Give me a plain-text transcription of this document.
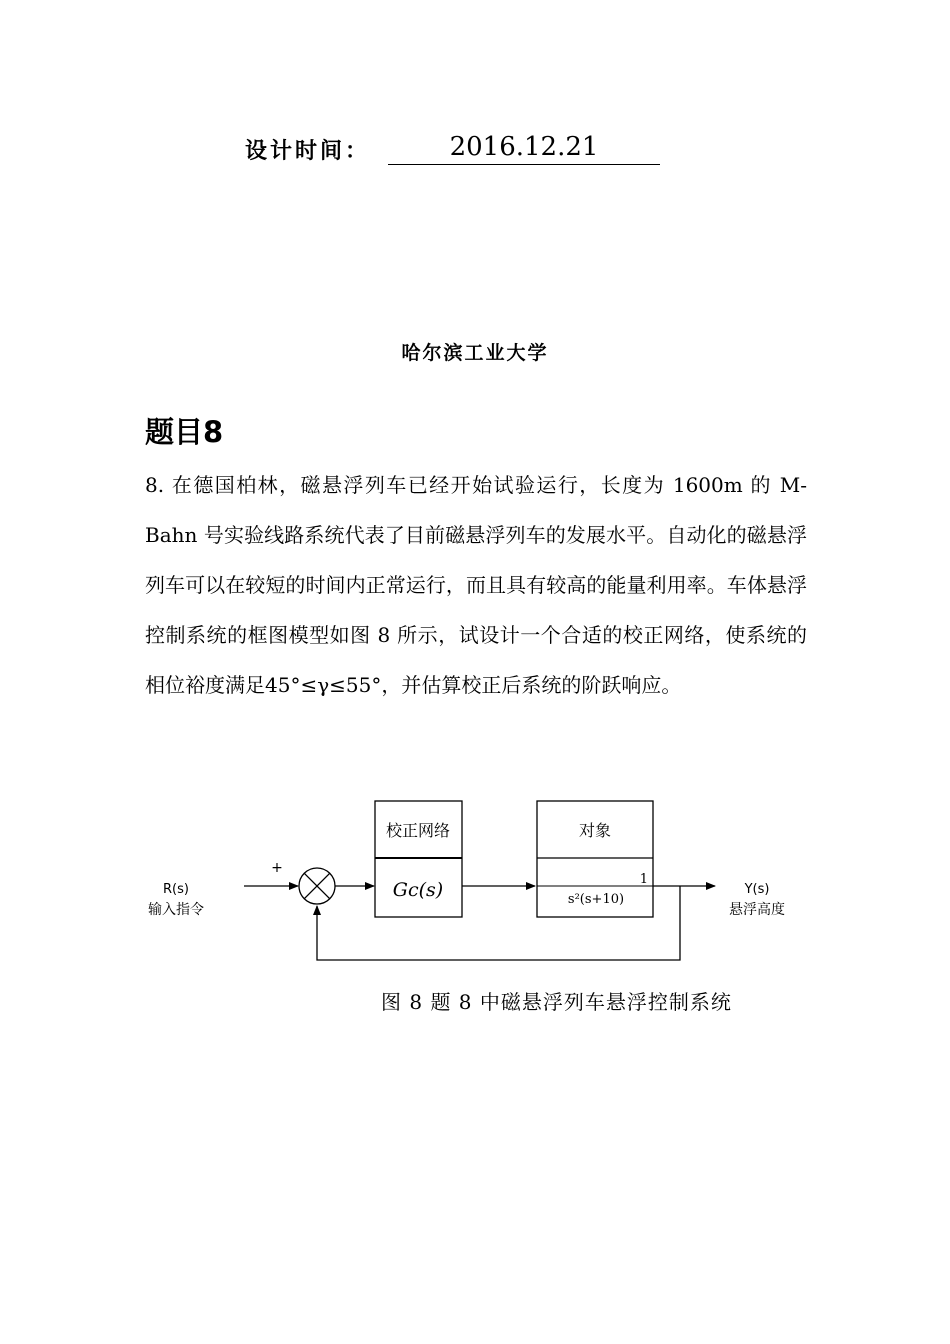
设计时间：	2016.12.21
哈尔滨工业大学
题目8
8. 在德国柏林，磁悬浮列车已经开始试验运行，长度为 1600m 的 M-Bahn 号实验线路系统代表了目前磁悬浮列车的发展水平。自动化的磁悬浮列车可以在较短的时间内正常运行，而且具有较高的能量利用率。车体悬浮控制系统的框图模型如图 8 所示，试设计一个合适的校正网络，使系统的相位裕度满足45°≤γ≤55°，并估算校正后系统的阶跃响应。
R(s)
输入指令
+
校正网络
Gc(s)
对象
1
s²(s+10)
Y(s)
悬浮高度
图 8 题 8 中磁悬浮列车悬浮控制系统
